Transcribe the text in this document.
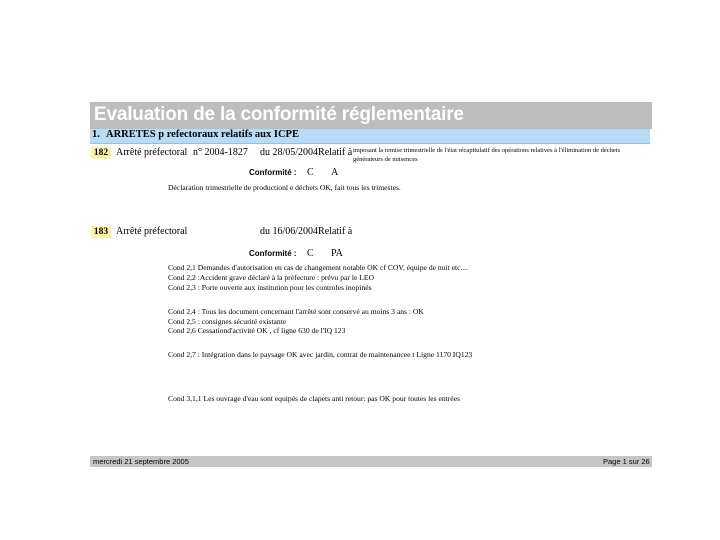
Evaluation de la conformité réglementaire
1. ARRETES p refectoraux relatifs aux ICPE
182 Arrêté préfectoral n° 2004-1827 du 28/05/2004Relatif à imposant la remise trimestrielle de l'état récapitulatif des opérations relatives à l'élimination de déchets générateurs de nuisences
Conformité : C A
Déclaration trimestrielle de productionl e déchets OK, fait tous les trimestes.
183 Arrêté préfectoral	du 16/06/2004Relatif à
Conformité : C PA
Cond 2,1 Demandes d'autorisation en cas de changement notable OK cf COV, équipe de nuit etc....
Cond 2,2 :Accident grave déclaré à la préfecture : prévu par le LEO
Cond 2,3 : Porte ouverte aux institution pour les controles inopinés
Cond 2,4 : Tous les document concernant l'arrêté sont conservé au moins 3 ans : OK
Cond 2,5 : consignes sécurité existante
Cond 2,6 Cessationd'activité OK , cf ligne 630 de l'IQ 123
Cond 2,7 : Intégration dans le paysage OK avec jardin, contrat de maintenancee t Ligne 1170 IQ123
Cond 3,1,1 Les ouvrage d'eau sont equipés de clapets anti retour: pas OK pour toutes les entrées
mercredi 21 septembre 2005	Page 1 sur 26
